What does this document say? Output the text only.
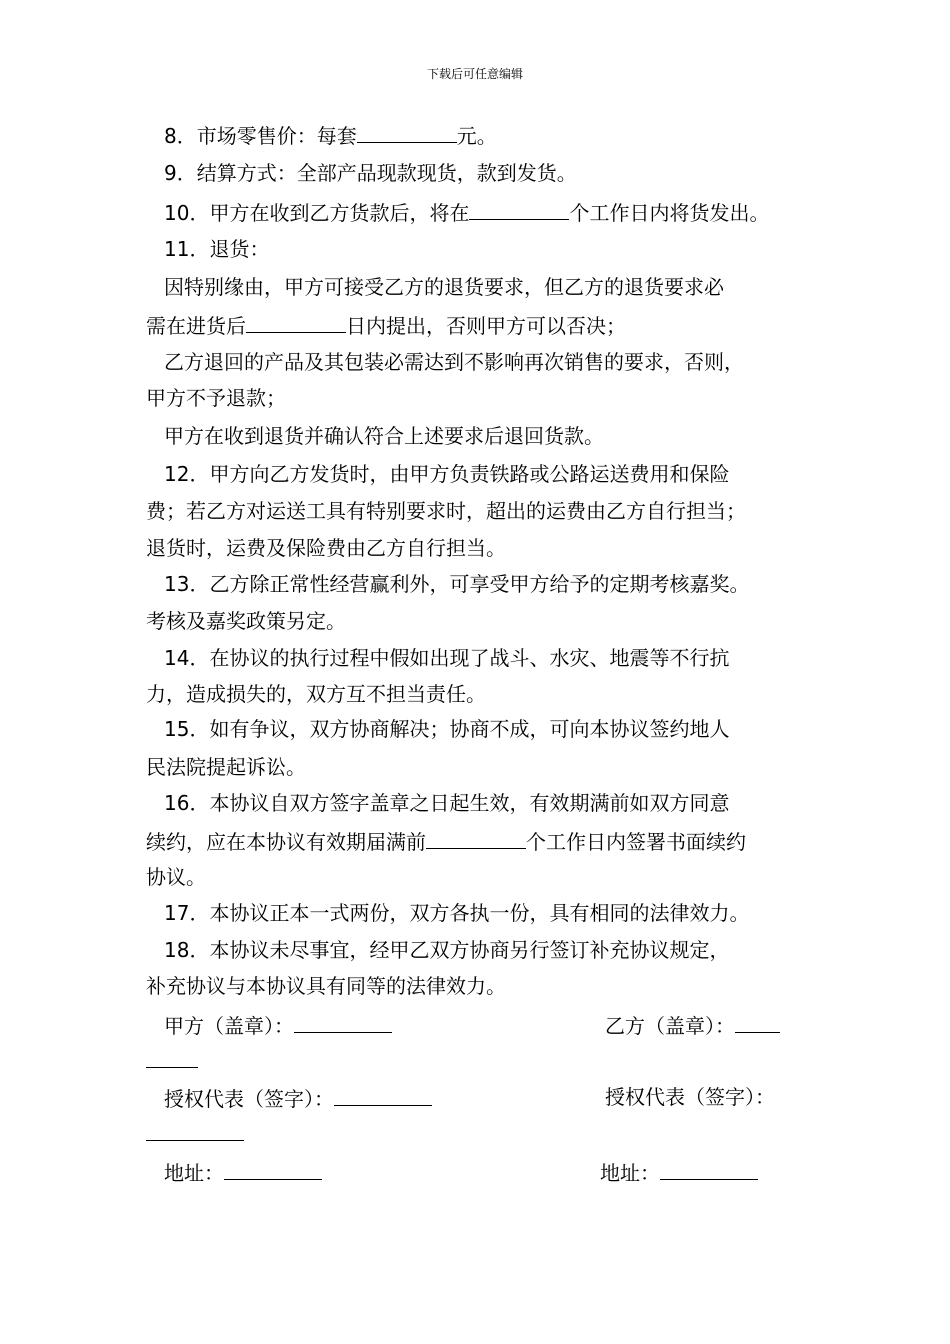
下载后可任意编辑
8．市场零售价：每套	元。
9．结算方式：全部产品现款现货，款到发货。
10．甲方在收到乙方货款后，将在	个工作日内将货发出。
11．退货：
因特别缘由，甲方可接受乙方的退货要求，但乙方的退货要求必
需在进货后	日内提出，否则甲方可以否决；
乙方退回的产品及其包装必需达到不影响再次销售的要求，否则，
甲方不予退款；
甲方在收到退货并确认符合上述要求后退回货款。
12．甲方向乙方发货时，由甲方负责铁路或公路运送费用和保险
费；若乙方对运送工具有特别要求时，超出的运费由乙方自行担当；
退货时，运费及保险费由乙方自行担当。
13．乙方除正常性经营赢利外，可享受甲方给予的定期考核嘉奖。
考核及嘉奖政策另定。
14．在协议的执行过程中假如出现了战斗、水灾、地震等不行抗
力，造成损失的，双方互不担当责任。
15．如有争议，双方协商解决；协商不成，可向本协议签约地人
民法院提起诉讼。
16．本协议自双方签字盖章之日起生效，有效期满前如双方同意
续约，应在本协议有效期届满前	个工作日内签署书面续约
协议。
17．本协议正本一式两份，双方各执一份，具有相同的法律效力。
18．本协议未尽事宜，经甲乙双方协商另行签订补充协议规定，
补充协议与本协议具有同等的法律效力。
甲方（盖章）：	乙方（盖章）：
授权代表（签字）：	授权代表（签字）：
地址：	地址：
